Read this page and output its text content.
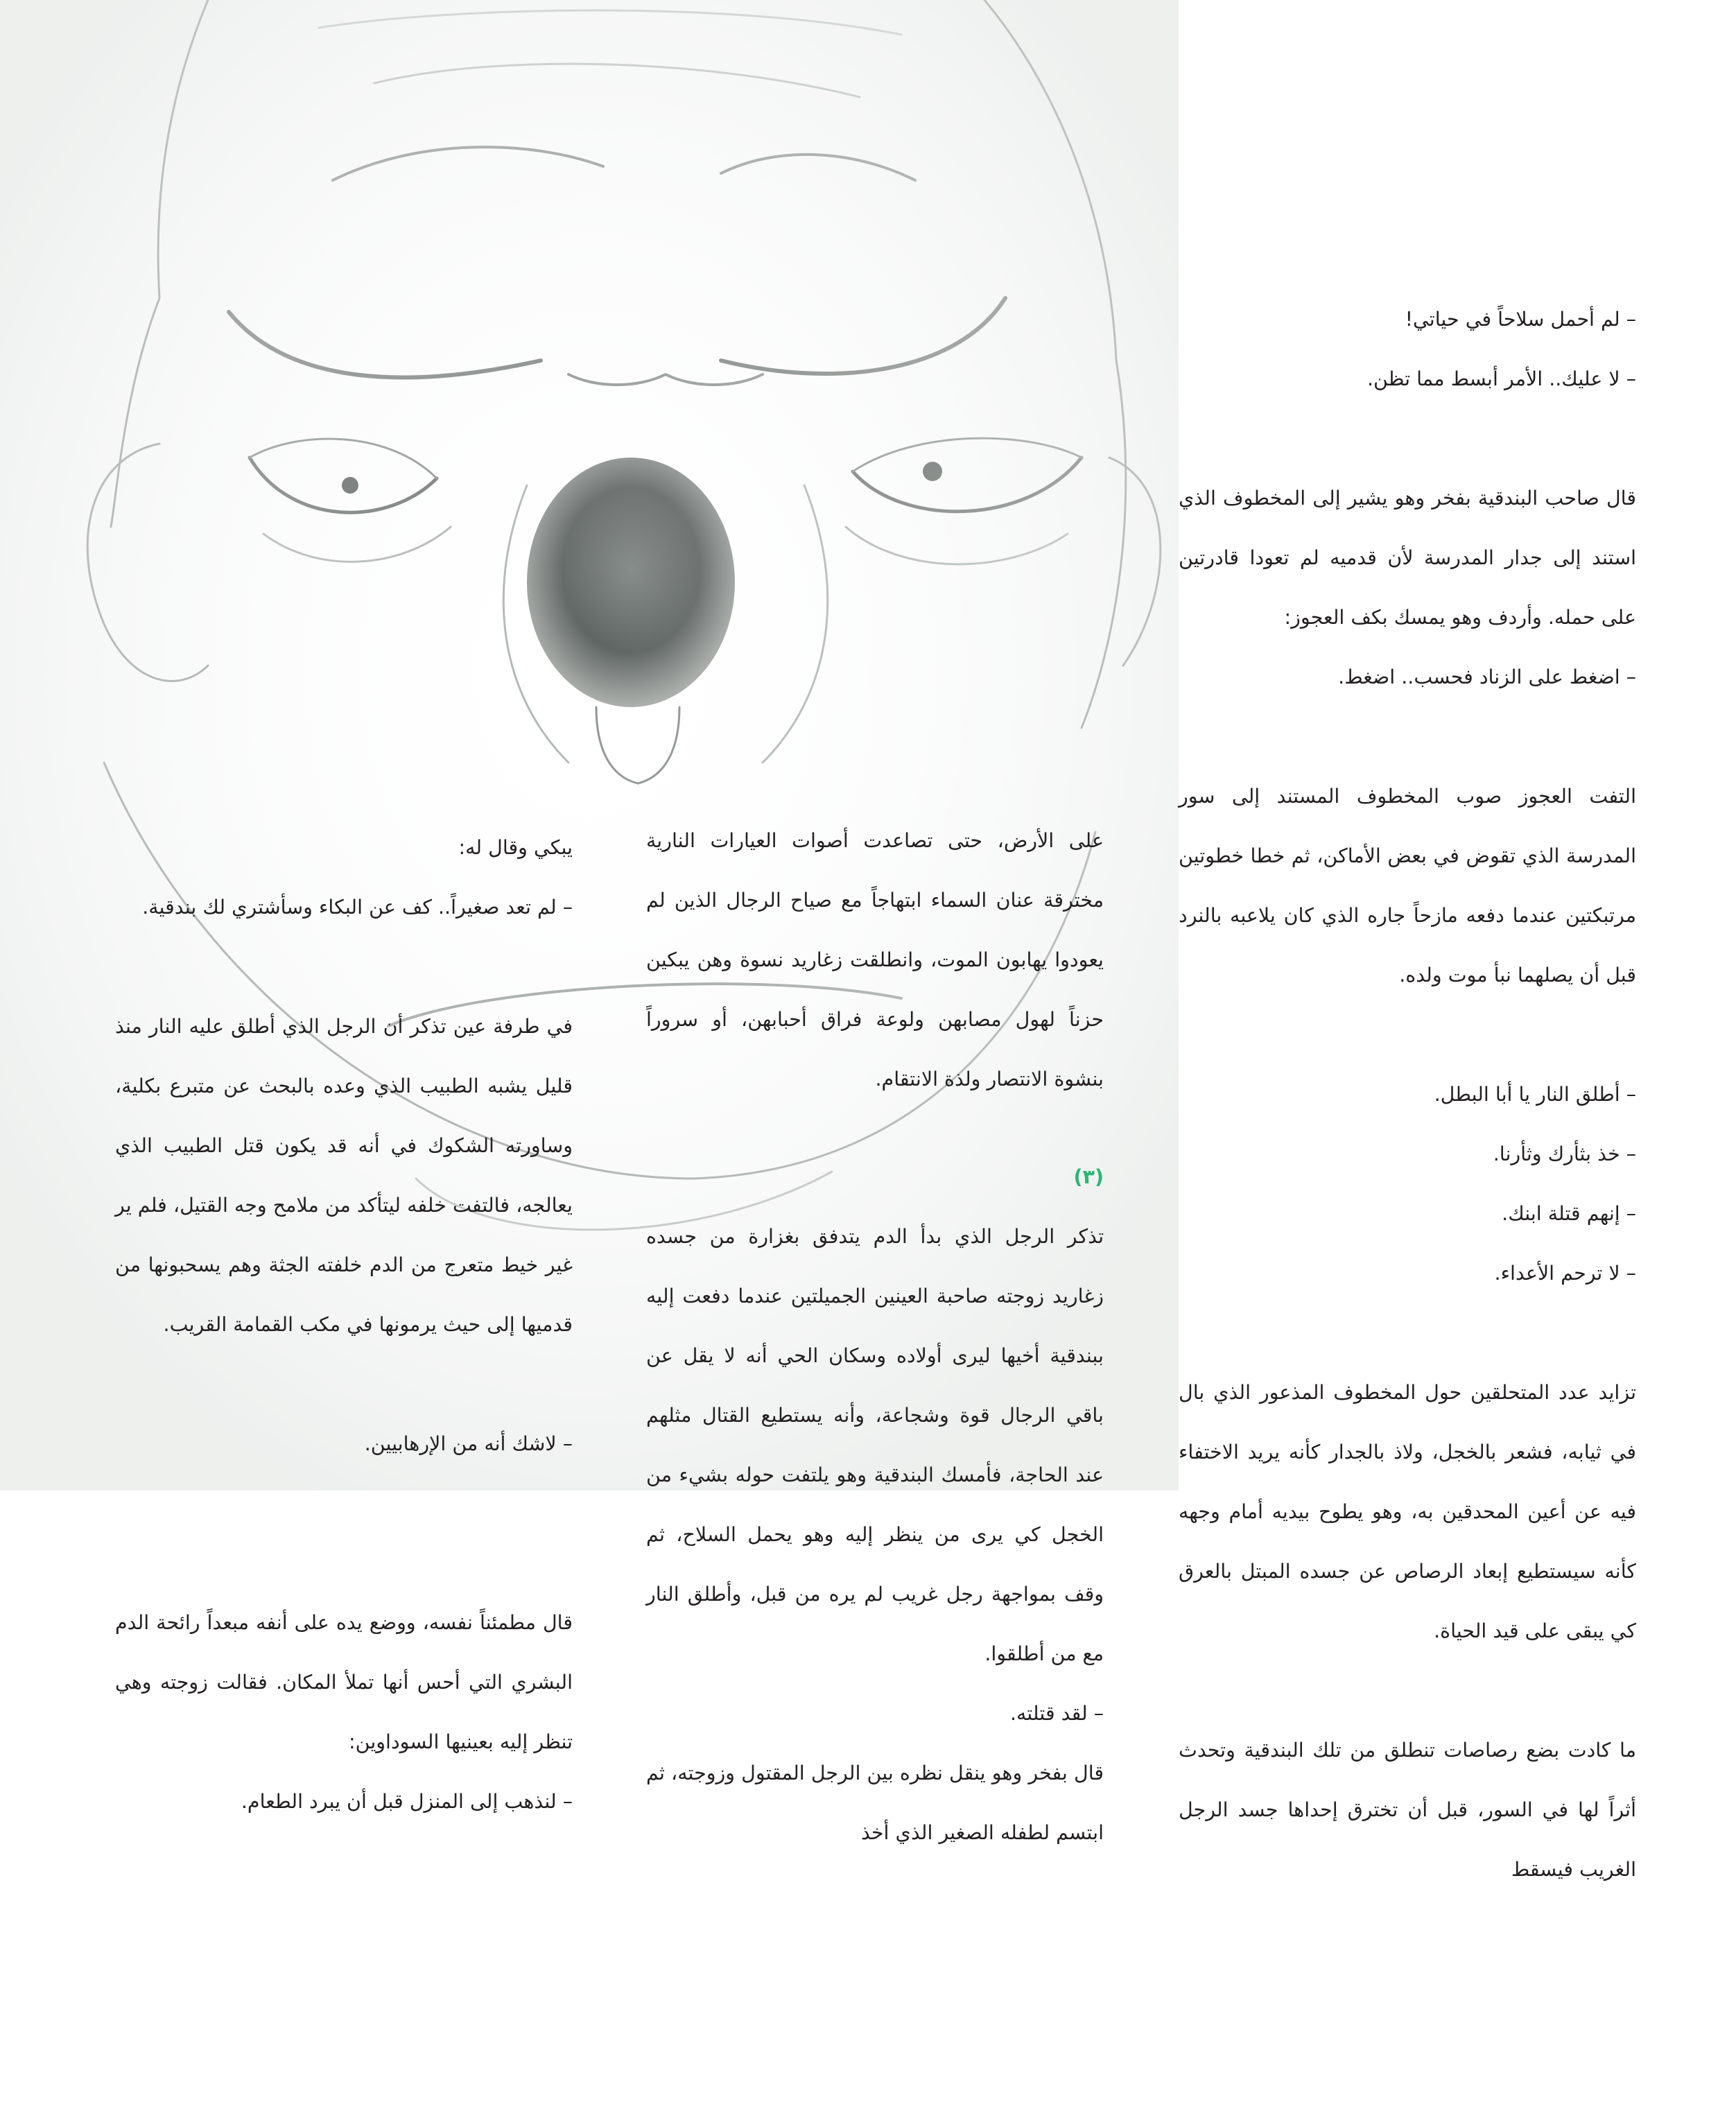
– لم أحمل سلاحاً في حياتي!

– لا عليك.. الأمر أبسط مما تظن.

قال صاحب البندقية بفخر وهو يشير إلى المخطوف الذي استند إلى جدار المدرسة لأن قدميه لم تعودا قادرتين على حمله. وأردف وهو يمسك بكف العجوز:

– اضغط على الزناد فحسب.. اضغط.

التفت العجوز صوب المخطوف المستند إلى سور المدرسة الذي تقوض في بعض الأماكن، ثم خطا خطوتين مرتبكتين عندما دفعه مازحاً جاره الذي كان يلاعبه بالنرد قبل أن يصلهما نبأ موت ولده.

– أطلق النار يا أبا البطل.

– خذ بثأرك وثأرنا.

– إنهم قتلة ابنك.

– لا ترحم الأعداء.

تزايد عدد المتحلقين حول المخطوف المذعور الذي بال في ثيابه، فشعر بالخجل، ولاذ بالجدار كأنه يريد الاختفاء فيه عن أعين المحدقين به، وهو يطوح بيديه أمام وجهه كأنه سيستطيع إبعاد الرصاص عن جسده المبتل بالعرق كي يبقى على قيد الحياة.

ما كادت بضع رصاصات تنطلق من تلك البندقية وتحدث أثراً لها في السور، قبل أن تخترق إحداها جسد الرجل الغريب فيسقط

على الأرض، حتى تصاعدت أصوات العيارات النارية مخترقة عنان السماء ابتهاجاً مع صياح الرجال الذين لم يعودوا يهابون الموت، وانطلقت زغاريد نسوة وهن يبكين حزناً لهول مصابهن ولوعة فراق أحبابهن، أو سروراً بنشوة الانتصار ولذة الانتقام.

(٣)

تذكر الرجل الذي بدأ الدم يتدفق بغزارة من جسده زغاريد زوجته صاحبة العينين الجميلتين عندما دفعت إليه ببندقية أخيها ليرى أولاده وسكان الحي أنه لا يقل عن باقي الرجال قوة وشجاعة، وأنه يستطيع القتال مثلهم عند الحاجة، فأمسك البندقية وهو يلتفت حوله بشيء من الخجل كي يرى من ينظر إليه وهو يحمل السلاح، ثم وقف بمواجهة رجل غريب لم يره من قبل، وأطلق النار مع من أطلقوا.

– لقد قتلته.

قال بفخر وهو ينقل نظره بين الرجل المقتول وزوجته، ثم ابتسم لطفله الصغير الذي أخذ

يبكي وقال له:

– لم تعد صغيراً.. كف عن البكاء وسأشتري لك بندقية.

في طرفة عين تذكر أن الرجل الذي أطلق عليه النار منذ قليل يشبه الطبيب الذي وعده بالبحث عن متبرع بكلية، وساورته الشكوك في أنه قد يكون قتل الطبيب الذي يعالجه، فالتفت خلفه ليتأكد من ملامح وجه القتيل، فلم ير غير خيط متعرج من الدم خلفته الجثة وهم يسحبونها من قدميها إلى حيث يرمونها في مكب القمامة القريب.

– لاشك أنه من الإرهابيين.

قال مطمئناً نفسه، ووضع يده على أنفه مبعداً رائحة الدم البشري التي أحس أنها تملأ المكان. فقالت زوجته وهي تنظر إليه بعينيها السوداوين:

– لنذهب إلى المنزل قبل أن يبرد الطعام.
